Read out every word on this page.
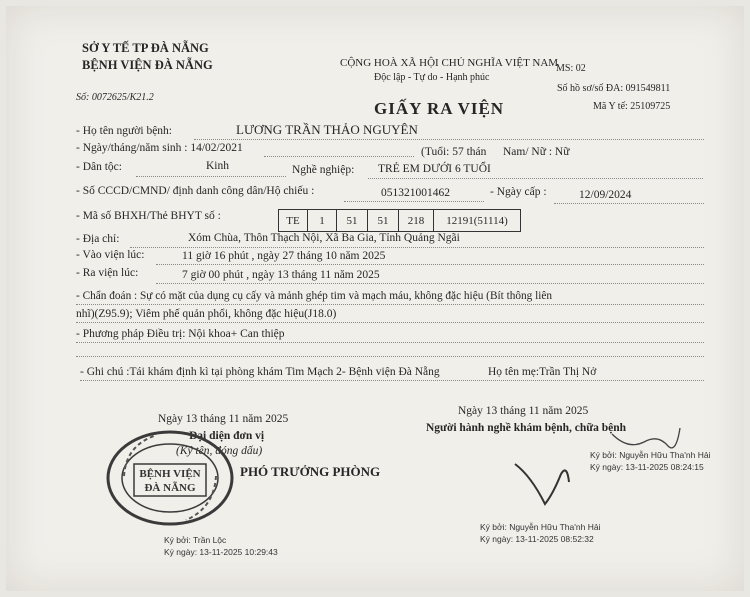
SỞ Y TẾ TP ĐÀ NẴNG
BỆNH VIỆN ĐÀ NẴNG
Số: 0072625/K21.2
CỘNG HOÀ XÃ HỘI CHỦ NGHĨA VIỆT NAM
Độc lập - Tự do - Hạnh phúc
MS: 02
Số hồ sơ/số ĐA: 091549811
Mã Y tế: 25109725
GIẤY RA VIỆN
- Họ tên người bệnh:	LƯƠNG TRẦN THẢO NGUYÊN
- Ngày/tháng/năm sinh : 14/02/2021	(Tuổi: 57 thán Nam/ Nữ : Nữ
- Dân tộc:	Kinh	Nghề nghiệp: TRẺ EM DƯỚI 6 TUỔI
- Số CCCD/CMND/ định danh công dân/Hộ chiếu :	051321001462	- Ngày cấp :	12/09/2024
- Mã số BHXH/Thẻ BHYT số :	TE	1	51	51	218	12191(51114)
- Địa chỉ:	Xóm Chùa, Thôn Thạch Nội, Xã Ba Gia, Tỉnh Quảng Ngãi
- Vào viện lúc:	11 giờ 16 phút , ngày 27 tháng 10 năm 2025
- Ra viện lúc:	7 giờ 00 phút , ngày 13 tháng 11 năm 2025
- Chẩn đoán : Sự có mặt của dụng cụ cấy và mảnh ghép tim và mạch máu, không đặc hiệu (Bít thông liên
nhĩ)(Z95.9); Viêm phế quản phổi, không đặc hiệu(J18.0)
- Phương pháp Điều trị: Nội khoa+ Can thiệp
- Ghi chú :Tái khám định kì tại phòng khám Tim Mạch 2- Bệnh viện Đà Nẵng	Họ tên mẹ:Trần Thị Nở
Ngày 13 tháng 11 năm 2025
Đại diện đơn vị
(Ký tên, đóng dấu)
PHÓ TRƯỞNG PHÒNG
BỆNH VIỆN
ĐÀ NẴNG
Ký bởi: Trần Lộc
Ký ngày: 13-11-2025 10:29:43
Ngày 13 tháng 11 năm 2025
Người hành nghề khám bệnh, chữa bệnh
Ký bởi: Nguyễn Hữu Tha'nh Hải
Ký ngày: 13-11-2025 08:24:15
Ký bởi: Nguyễn Hữu Tha'nh Hải
Ký ngày: 13-11-2025 08:52:32
